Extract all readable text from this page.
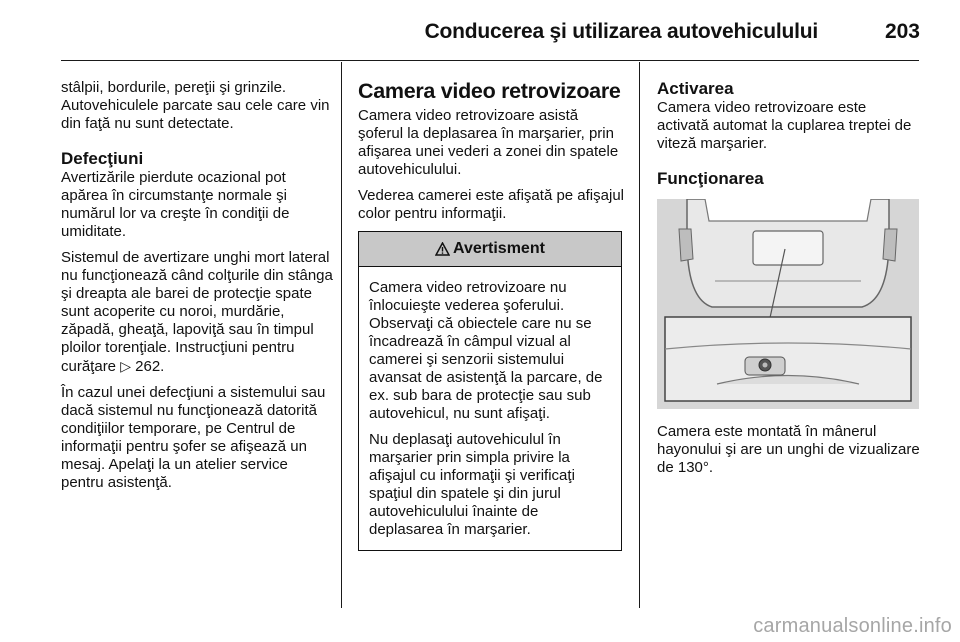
Conducerea şi utilizarea autovehiculului	203

stâlpii, bordurile, pereţii şi grinzile. Autovehiculele parcate sau cele care vin din faţă nu sunt detectate.

Defecţiuni

Avertizările pierdute ocazional pot apărea în circumstanţe normale şi numărul lor va creşte în condiţii de umiditate.

Sistemul de avertizare unghi mort lateral nu funcţionează când colţurile din stânga şi dreapta ale barei de protecţie spate sunt acoperite cu noroi, murdărie, zăpadă, gheaţă, lapoviţă sau în timpul ploilor torenţiale. Instrucţiuni pentru curăţare ▷ 262.

În cazul unei defecţiuni a sistemului sau dacă sistemul nu funcţionează datorită condiţiilor temporare, pe Centrul de informaţii pentru şofer se afişează un mesaj. Apelaţi la un atelier service pentru asistenţă.

Camera video retrovizoare

Camera video retrovizoare asistă şoferul la deplasarea în marşarier, prin afişarea unei vederi a zonei din spatele autovehiculului.

Vederea camerei este afişată pe afişajul color pentru informaţii.

Avertisment

Camera video retrovizoare nu înlocuieşte vederea şoferului. Observaţi că obiectele care nu se încadrează în câmpul vizual al camerei şi senzorii sistemului avansat de asistenţă la parcare, de ex. sub bara de protecţie sau sub autovehicul, nu sunt afişaţi.

Nu deplasaţi autovehiculul în marşarier prin simpla privire la afişajul cu informaţii şi verificaţi spaţiul din spatele şi din jurul autovehiculului înainte de deplasarea în marşarier.

Activarea

Camera video retrovizoare este activată automat la cuplarea treptei de viteză marşarier.

Funcţionarea

Camera este montată în mânerul hayonului şi are un unghi de vizualizare de 130°.

carmanualsonline.info
